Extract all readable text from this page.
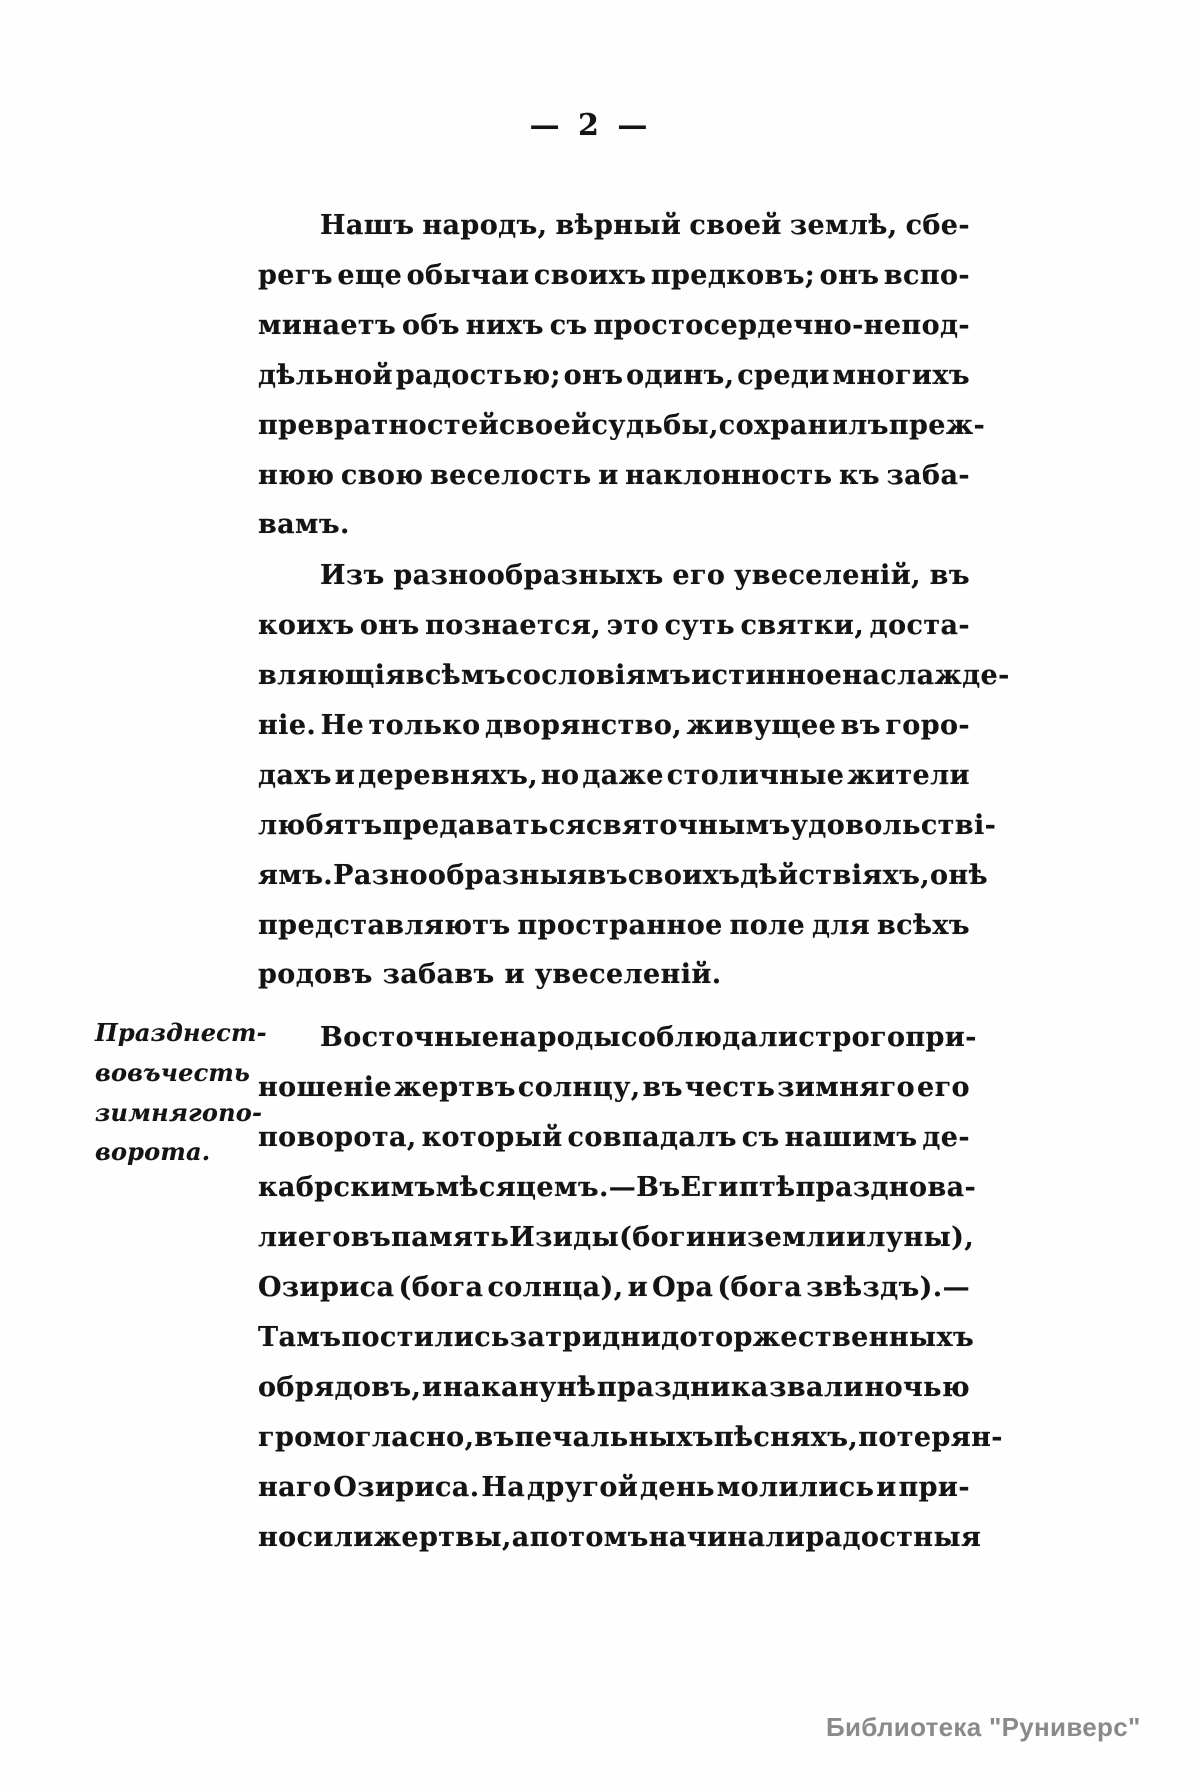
— 2 —
Празднест-
во въ честь
зимняго по-
ворота.
Нашъ народъ, вѣрный своей землѣ, сбе-
регъ еще обычаи своихъ предковъ; онъ вспо-
минаетъ объ нихъ съ простосердечно-непод-
дѣльной радостью; онъ одинъ, среди многихъ
превратностей своей судьбы, сохранилъ преж-
нюю свою веселость и наклонность къ заба-
вамъ.
Изъ разнообразныхъ его увеселеній, въ
коихъ онъ познается, это суть святки, доста-
вляющія всѣмъ сословіямъ истинное наслажде-
ніе. Не только дворянство, живущее въ горо-
дахъ и деревняхъ, но даже столичные жители
любятъ предаваться святочнымъ удовольстві-
ямъ. Разнообразныя въ своихъ дѣйствіяхъ, онѣ
представляютъ пространное поле для всѣхъ
родовъ забавъ и увеселеній.
Восточные народы соблюдали строго при-
ношеніе жертвъ солнцу, въ честь зимняго его
поворота, который совпадалъ съ нашимъ де-
кабрскимъ мѣсяцемъ.—Въ Египтѣ празднова-
ли его въ память Изиды (богини земли и луны),
Озириса (бога солнца), и Ора (бога звѣздъ).—
Тамъ постились за три дни до торжественныхъ
обрядовъ, и наканунѣ праздника звали ночью
громогласно, въ печальныхъ пѣсняхъ, потерян-
наго Озириса. На другой день молились и при-
носили жертвы, а потомъ начинали радостныя
Библиотека "Руниверс"
